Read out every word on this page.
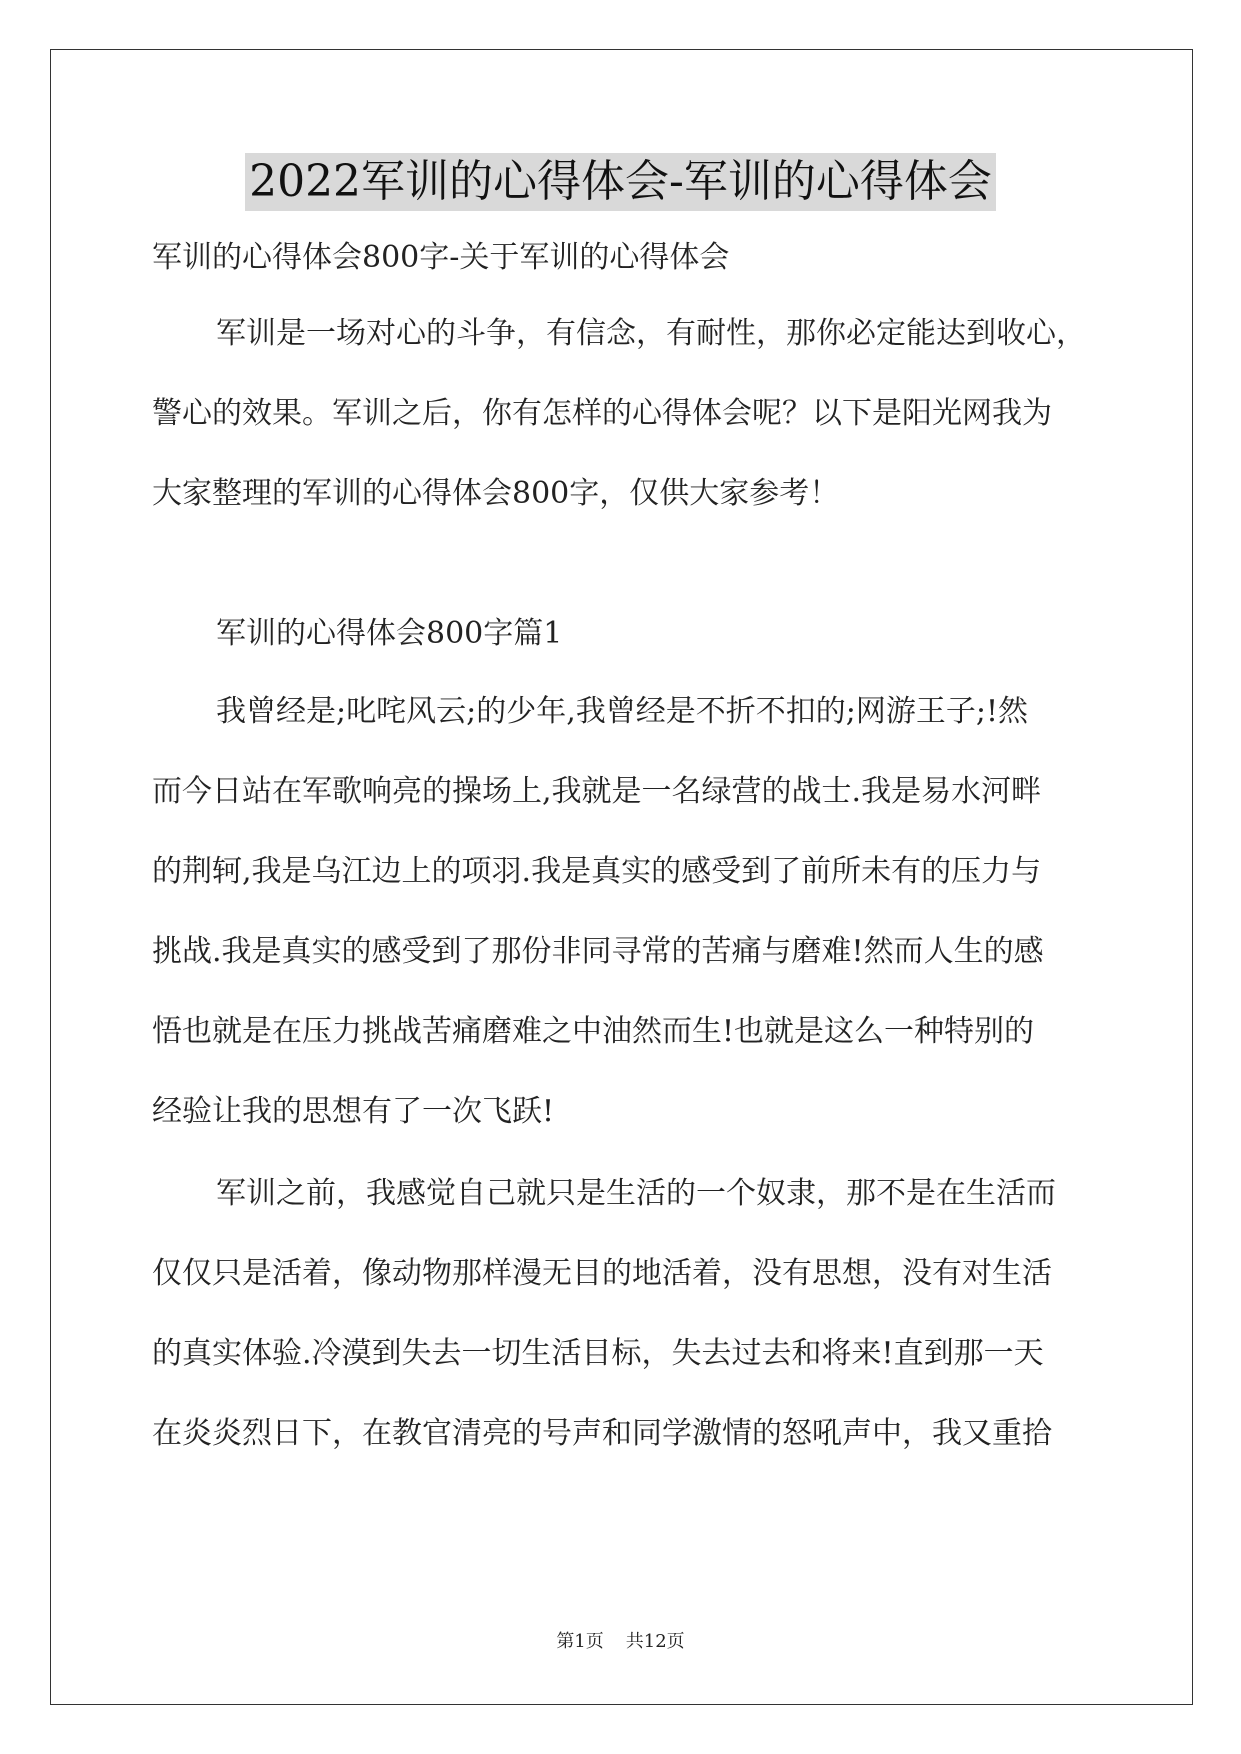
2022军训的心得体会-军训的心得体会
军训的心得体会800字-关于军训的心得体会
军训是一场对心的斗争，有信念，有耐性，那你必定能达到收心，
警心的效果。军训之后，你有怎样的心得体会呢？以下是阳光网我为
大家整理的军训的心得体会800字，仅供大家参考！
军训的心得体会800字篇1
我曾经是;叱咤风云;的少年,我曾经是不折不扣的;网游王子;!然
而今日站在军歌响亮的操场上,我就是一名绿营的战士.我是易水河畔
的荆轲,我是乌江边上的项羽.我是真实的感受到了前所未有的压力与
挑战.我是真实的感受到了那份非同寻常的苦痛与磨难!然而人生的感
悟也就是在压力挑战苦痛磨难之中油然而生!也就是这么一种特别的
经验让我的思想有了一次飞跃!
军训之前，我感觉自己就只是生活的一个奴隶，那不是在生活而
仅仅只是活着，像动物那样漫无目的地活着，没有思想，没有对生活
的真实体验.冷漠到失去一切生活目标，失去过去和将来!直到那一天
在炎炎烈日下，在教官清亮的号声和同学激情的怒吼声中，我又重拾
第1页 共12页
